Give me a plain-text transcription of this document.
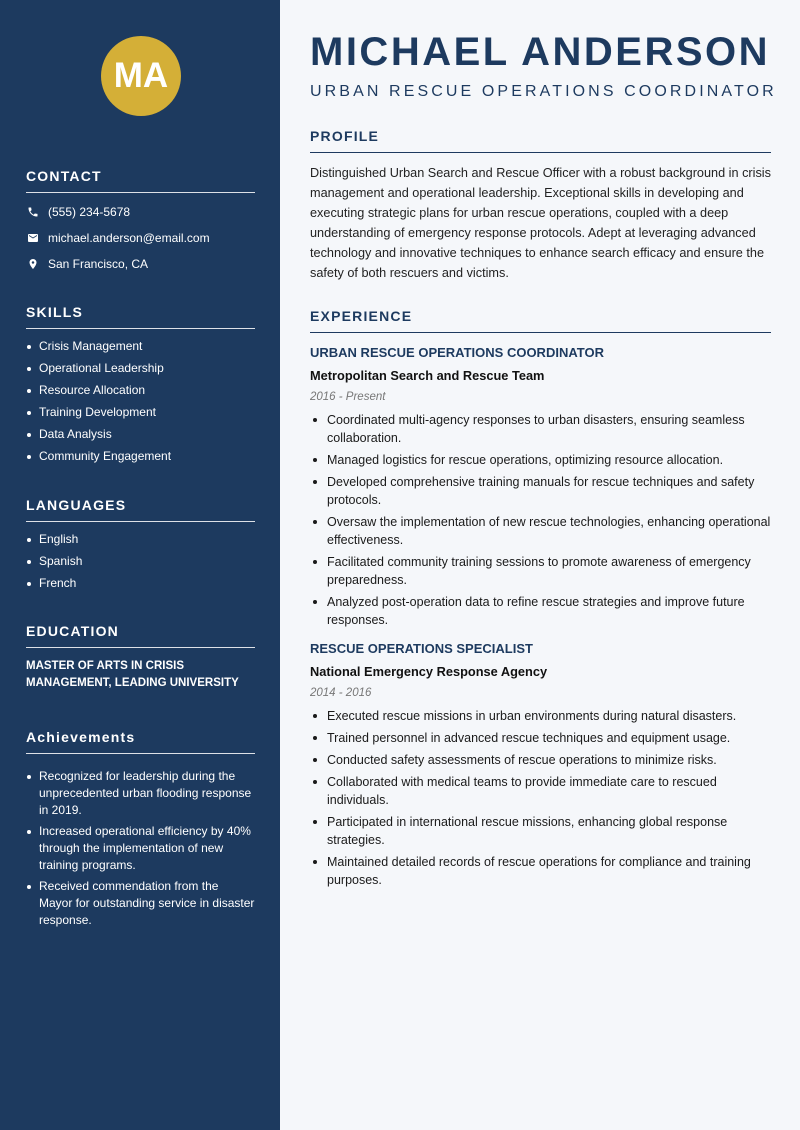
MA
CONTACT
(555) 234-5678
michael.anderson@email.com
San Francisco, CA
SKILLS
Crisis Management
Operational Leadership
Resource Allocation
Training Development
Data Analysis
Community Engagement
LANGUAGES
English
Spanish
French
EDUCATION
MASTER OF ARTS IN CRISIS MANAGEMENT, LEADING UNIVERSITY
Achievements
Recognized for leadership during the unprecedented urban flooding response in 2019.
Increased operational efficiency by 40% through the implementation of new training programs.
Received commendation from the Mayor for outstanding service in disaster response.
MICHAEL ANDERSON
URBAN RESCUE OPERATIONS COORDINATOR
PROFILE
Distinguished Urban Search and Rescue Officer with a robust background in crisis management and operational leadership. Exceptional skills in developing and executing strategic plans for urban rescue operations, coupled with a deep understanding of emergency response protocols. Adept at leveraging advanced technology and innovative techniques to enhance search efficacy and ensure the safety of both rescuers and victims.
EXPERIENCE
URBAN RESCUE OPERATIONS COORDINATOR
Metropolitan Search and Rescue Team
2016 - Present
Coordinated multi-agency responses to urban disasters, ensuring seamless collaboration.
Managed logistics for rescue operations, optimizing resource allocation.
Developed comprehensive training manuals for rescue techniques and safety protocols.
Oversaw the implementation of new rescue technologies, enhancing operational effectiveness.
Facilitated community training sessions to promote awareness of emergency preparedness.
Analyzed post-operation data to refine rescue strategies and improve future responses.
RESCUE OPERATIONS SPECIALIST
National Emergency Response Agency
2014 - 2016
Executed rescue missions in urban environments during natural disasters.
Trained personnel in advanced rescue techniques and equipment usage.
Conducted safety assessments of rescue operations to minimize risks.
Collaborated with medical teams to provide immediate care to rescued individuals.
Participated in international rescue missions, enhancing global response strategies.
Maintained detailed records of rescue operations for compliance and training purposes.
